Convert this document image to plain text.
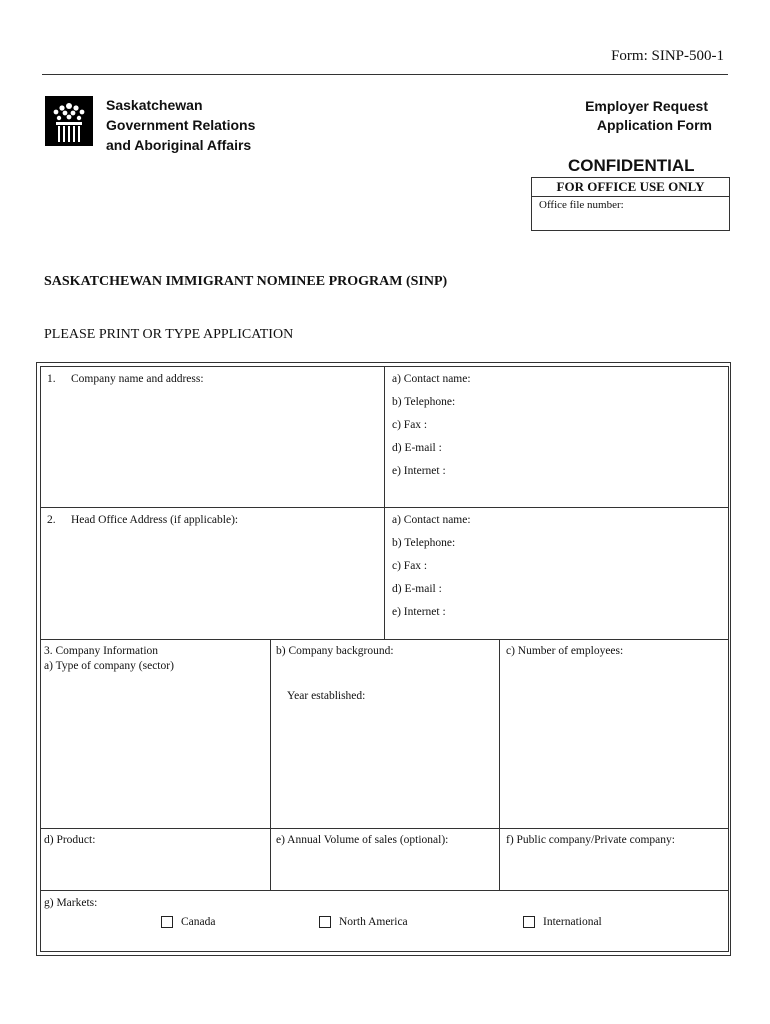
Form: SINP-500-1
Saskatchewan
Government Relations
and Aboriginal Affairs
Employer Request
Application Form
CONFIDENTIAL
FOR OFFICE USE ONLY
Office file number:
SASKATCHEWAN IMMIGRANT NOMINEE PROGRAM (SINP)
PLEASE PRINT OR TYPE APPLICATION
1. Company name and address:	a) Contact name:
b) Telephone:
c) Fax :
d) E-mail :
e) Internet :
2. Head Office Address (if applicable):	a) Contact name:
b) Telephone:
c) Fax :
d) E-mail :
e) Internet :
3. Company Information
a) Type of company (sector)
b) Company background:
Year established:
c) Number of employees:
d) Product:	e) Annual Volume of sales (optional):	f) Public company/Private company:
g) Markets:
Canada	North America	International
